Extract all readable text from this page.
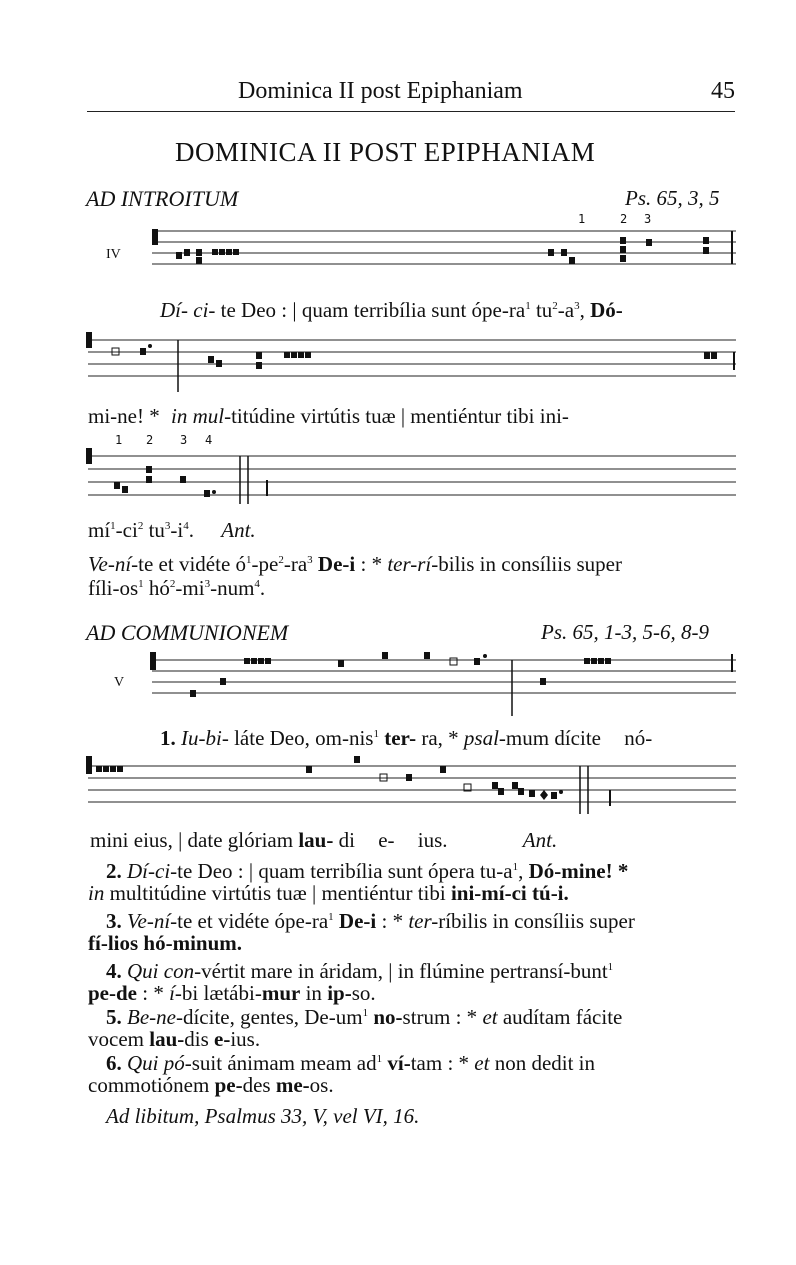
Dominica II post Epiphaniam	45
DOMINICA II POST EPIPHANIAM
AD INTROITUM	Ps. 65, 3, 5
IV
1	2 3
Dí- ci- te Deo : | quam terribília sunt ópe-$ra^1$ $tu^2-a^3$, Dó-
mi-ne! * in mul-titúdine virtútis tuæ | mentiéntur tibi ini-
1 2 3 4
$mí^1-ci^2$ $tu^3-i^4$. Ant.
Ve-ní-te et vidéte $ó^1-pe^2-ra^3$ De-i : * ter-rí-bilis in consíliis super
fíli-$os^1$ $hó^2-mi^3-num^4$.
AD COMMUNIONEM	Ps. 65, 1-3, 5-6, 8-9
V
1. Iu-bi- láte Deo, om-nis$^1$ ter- ra, * psal-mum dícite nó-
mini eius, | date glóriam lau- di e- ius.	Ant.
2. Dí-ci-te Deo : | quam terribília sunt ópera $tu-a^1$, Dó-mine! *
in multitúdine virtútis tuæ | mentiéntur tibi ini-mí-ci tú-i.
3. Ve-ní-te et vidéte ópe-$ra^1$ De-i : * ter-ríbilis in consíliis super
fí-lios hó-minum.
4. Qui con-vértit mare in áridam, | in flúmine pertransí-bunt$^1$
pe-de : * í-bi lætábi-mur in ip-so.
5. Be-ne-dícite, gentes, $De-um^1$ no-strum : * et audítam fácite
vocem lau-dis e-ius.
6. Qui pó-suit ánimam meam $ad^1$ ví-tam : * et non dedit in
commotiónem pe-des me-os.
Ad libitum, Psalmus 33, V, vel VI, 16.
